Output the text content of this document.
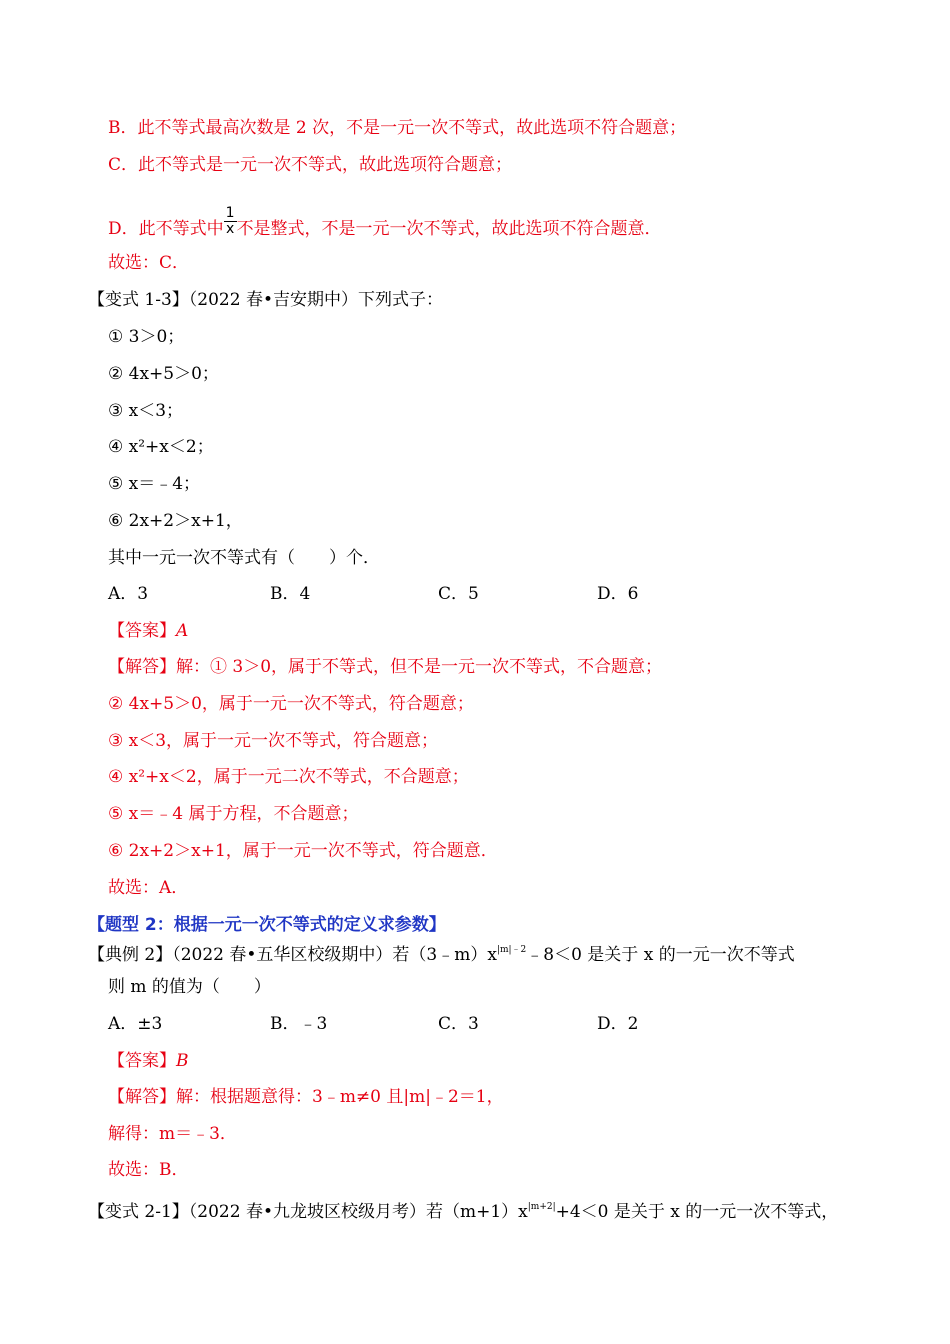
B．此不等式最高次数是 2 次，不是一元一次不等式，故此选项不符合题意；
C．此不等式是一元一次不等式，故此选项符合题意；
D．此不等式中 $\frac{1}{x}$ 不是整式，不是一元一次不等式，故此选项不符合题意．
故选：C．
【变式 1-3】（2022 春•吉安期中）下列式子：
① 3＞0；
② 4x+5＞0；
③ x＜3；
④ x²+x＜2；
⑤ x＝﹣4；
⑥ 2x+2＞x+1，
其中一元一次不等式有（　　）个．
A．3	B．4	C．5	D．6
【答案】A
【解答】解：① 3＞0，属于不等式，但不是一元一次不等式，不合题意；
② 4x+5＞0，属于一元一次不等式，符合题意；
③ x＜3，属于一元一次不等式，符合题意；
④ x²+x＜2，属于一元二次不等式，不合题意；
⑤ x＝﹣4 属于方程，不合题意；
⑥ 2x+2＞x+1，属于一元一次不等式，符合题意．
故选：A．
【题型 2：根据一元一次不等式的定义求参数】
【典例 2】（2022 春•五华区校级期中）若$(3﹣m)x^{|m|﹣2}﹣8<0$ 是关于 x 的一元一次不等式
则 m 的值为（　　）
A．±3	B．﹣3	C．3	D．2
【答案】B
【解答】解：根据题意得：3﹣m≠0 且|m|﹣2＝1，
解得：m＝﹣3．
故选：B．
【变式 2-1】（2022 春•九龙坡区校级月考）若$(m+1)x^{|m+2|}+4<0$ 是关于 x 的一元一次不等式，
